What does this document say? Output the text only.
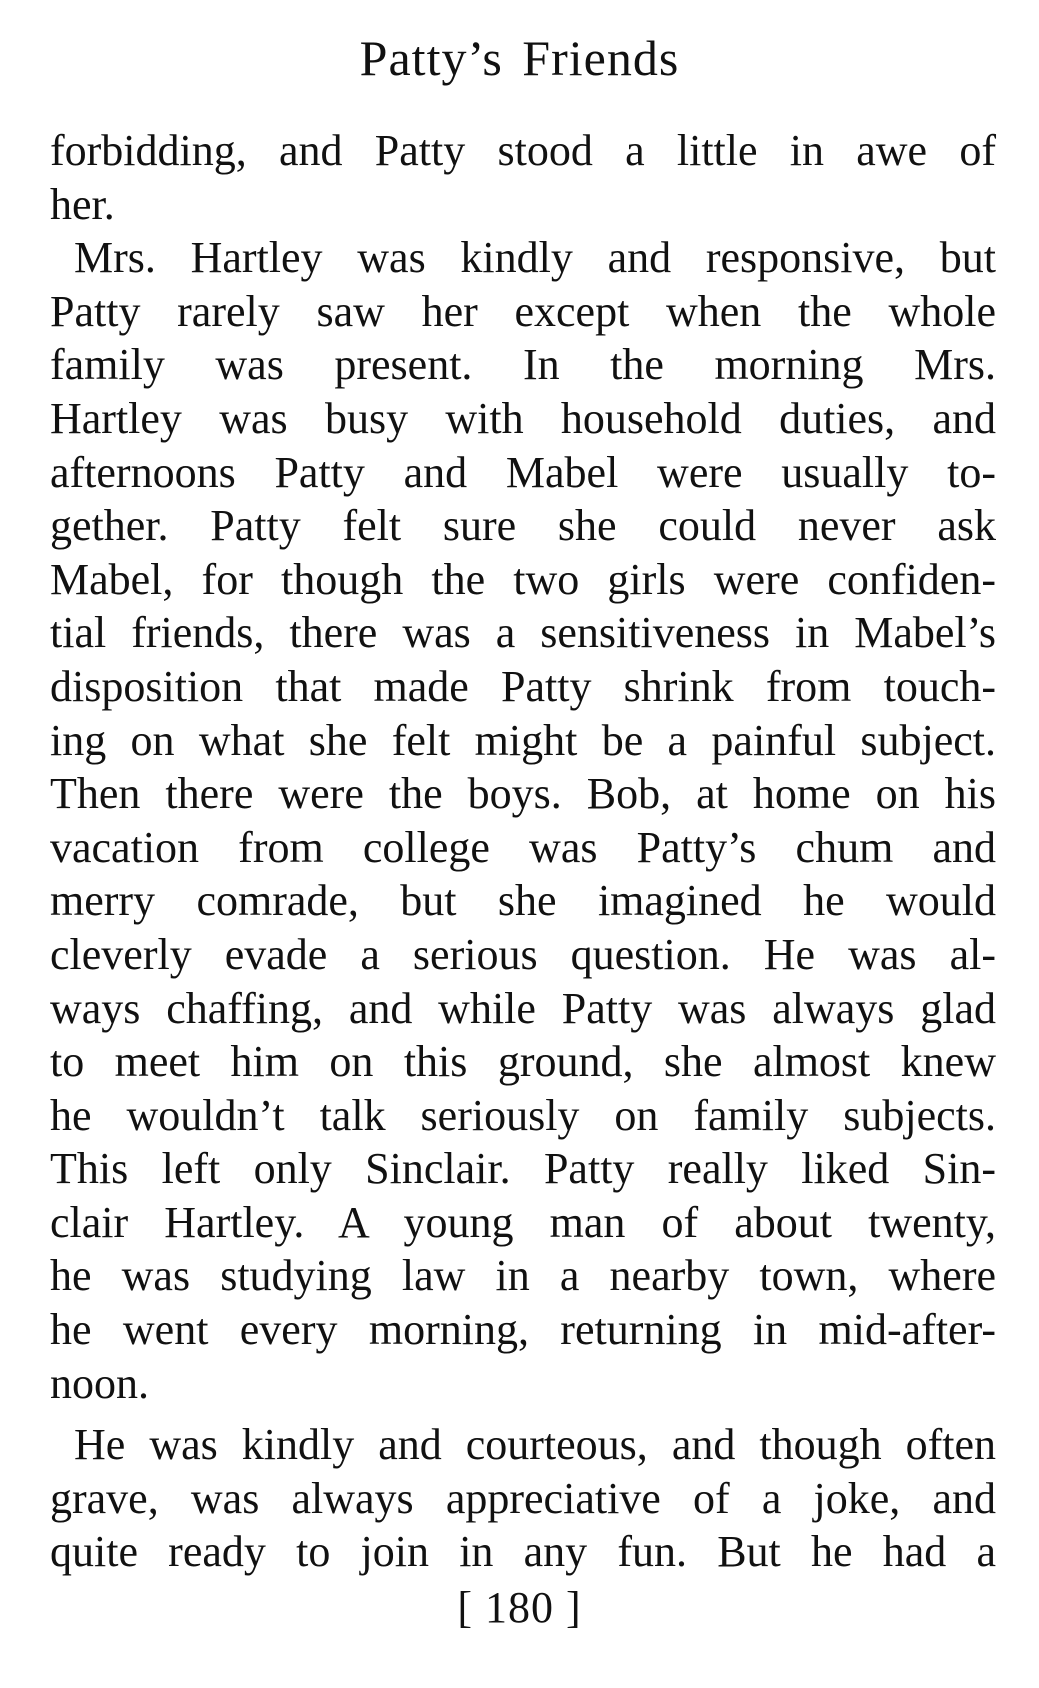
Patty’s Friends
forbidding, and Patty stood a little in awe of
her.
Mrs. Hartley was kindly and responsive, but
Patty rarely saw her except when the whole
family was present. In the morning Mrs.
Hartley was busy with household duties, and
afternoons Patty and Mabel were usually to-
gether. Patty felt sure she could never ask
Mabel, for though the two girls were confiden-
tial friends, there was a sensitiveness in Mabel’s
disposition that made Patty shrink from touch-
ing on what she felt might be a painful subject.
Then there were the boys. Bob, at home on his
vacation from college was Patty’s chum and
merry comrade, but she imagined he would
cleverly evade a serious question. He was al-
ways chaffing, and while Patty was always glad
to meet him on this ground, she almost knew
he wouldn’t talk seriously on family subjects.
This left only Sinclair. Patty really liked Sin-
clair Hartley. A young man of about twenty,
he was studying law in a nearby town, where
he went every morning, returning in mid-after-
noon.
He was kindly and courteous, and though often
grave, was always appreciative of a joke, and
quite ready to join in any fun. But he had a
[ 180 ]
